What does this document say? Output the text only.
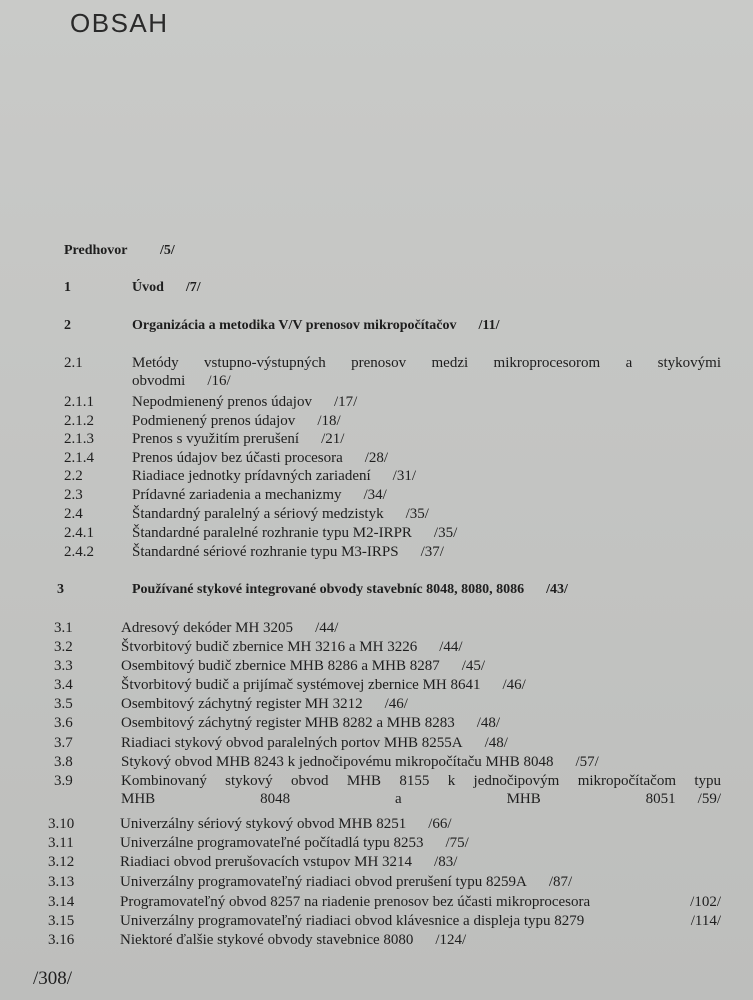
OBSAH
Predhovor /5/
1	Úvod /7/
2	Organizácia a metodika V/V prenosov mikropočítačov /11/
2.1	Metódy vstupno-výstupných prenosov medzi mikroprocesorom a stykovými
obvodmi /16/
2.1.1	Nepodmienený prenos údajov /17/
2.1.2	Podmienený prenos údajov /18/
2.1.3	Prenos s využitím prerušení /21/
2.1.4	Prenos údajov bez účasti procesora /28/
2.2	Riadiace jednotky prídavných zariadení /31/
2.3	Prídavné zariadenia a mechanizmy /34/
2.4	Štandardný paralelný a sériový medzistyk /35/
2.4.1	Štandardné paralelné rozhranie typu M2-IRPR /35/
2.4.2	Štandardné sériové rozhranie typu M3-IRPS /37/
3	Používané stykové integrované obvody stavebníc 8048, 8080, 8086 /43/
3.1	Adresový dekóder MH 3205 /44/
3.2	Štvorbitový budič zbernice MH 3216 a MH 3226 /44/
3.3	Osembitový budič zbernice MHB 8286 a MHB 8287 /45/
3.4	Štvorbitový budič a prijímač systémovej zbernice MH 8641 /46/
3.5	Osembitový záchytný register MH 3212 /46/
3.6	Osembitový záchytný register MHB 8282 a MHB 8283 /48/
3.7	Riadiaci stykový obvod paralelných portov MHB 8255A /48/
3.8	Stykový obvod MHB 8243 k jednočipovému mikropočítaču MHB 8048 /57/
3.9	Kombinovaný stykový obvod MHB 8155 k jednočipovým mikropočítačom typu
MHB 8048 a MHB 8051 /59/
3.10	Univerzálny sériový stykový obvod MHB 8251 /66/
3.11	Univerzálne programovateľné počítadlá typu 8253 /75/
3.12	Riadiaci obvod prerušovacích vstupov MH 3214 /83/
3.13	Univerzálny programovateľný riadiaci obvod prerušení typu 8259A /87/
3.14	Programovateľný obvod 8257 na riadenie prenosov bez účasti mikroprocesora	/102/
3.15	Univerzálny programovateľný riadiaci obvod klávesnice a displeja typu 8279	/114/
3.16	Niektoré ďalšie stykové obvody stavebnice 8080 /124/
/308/
